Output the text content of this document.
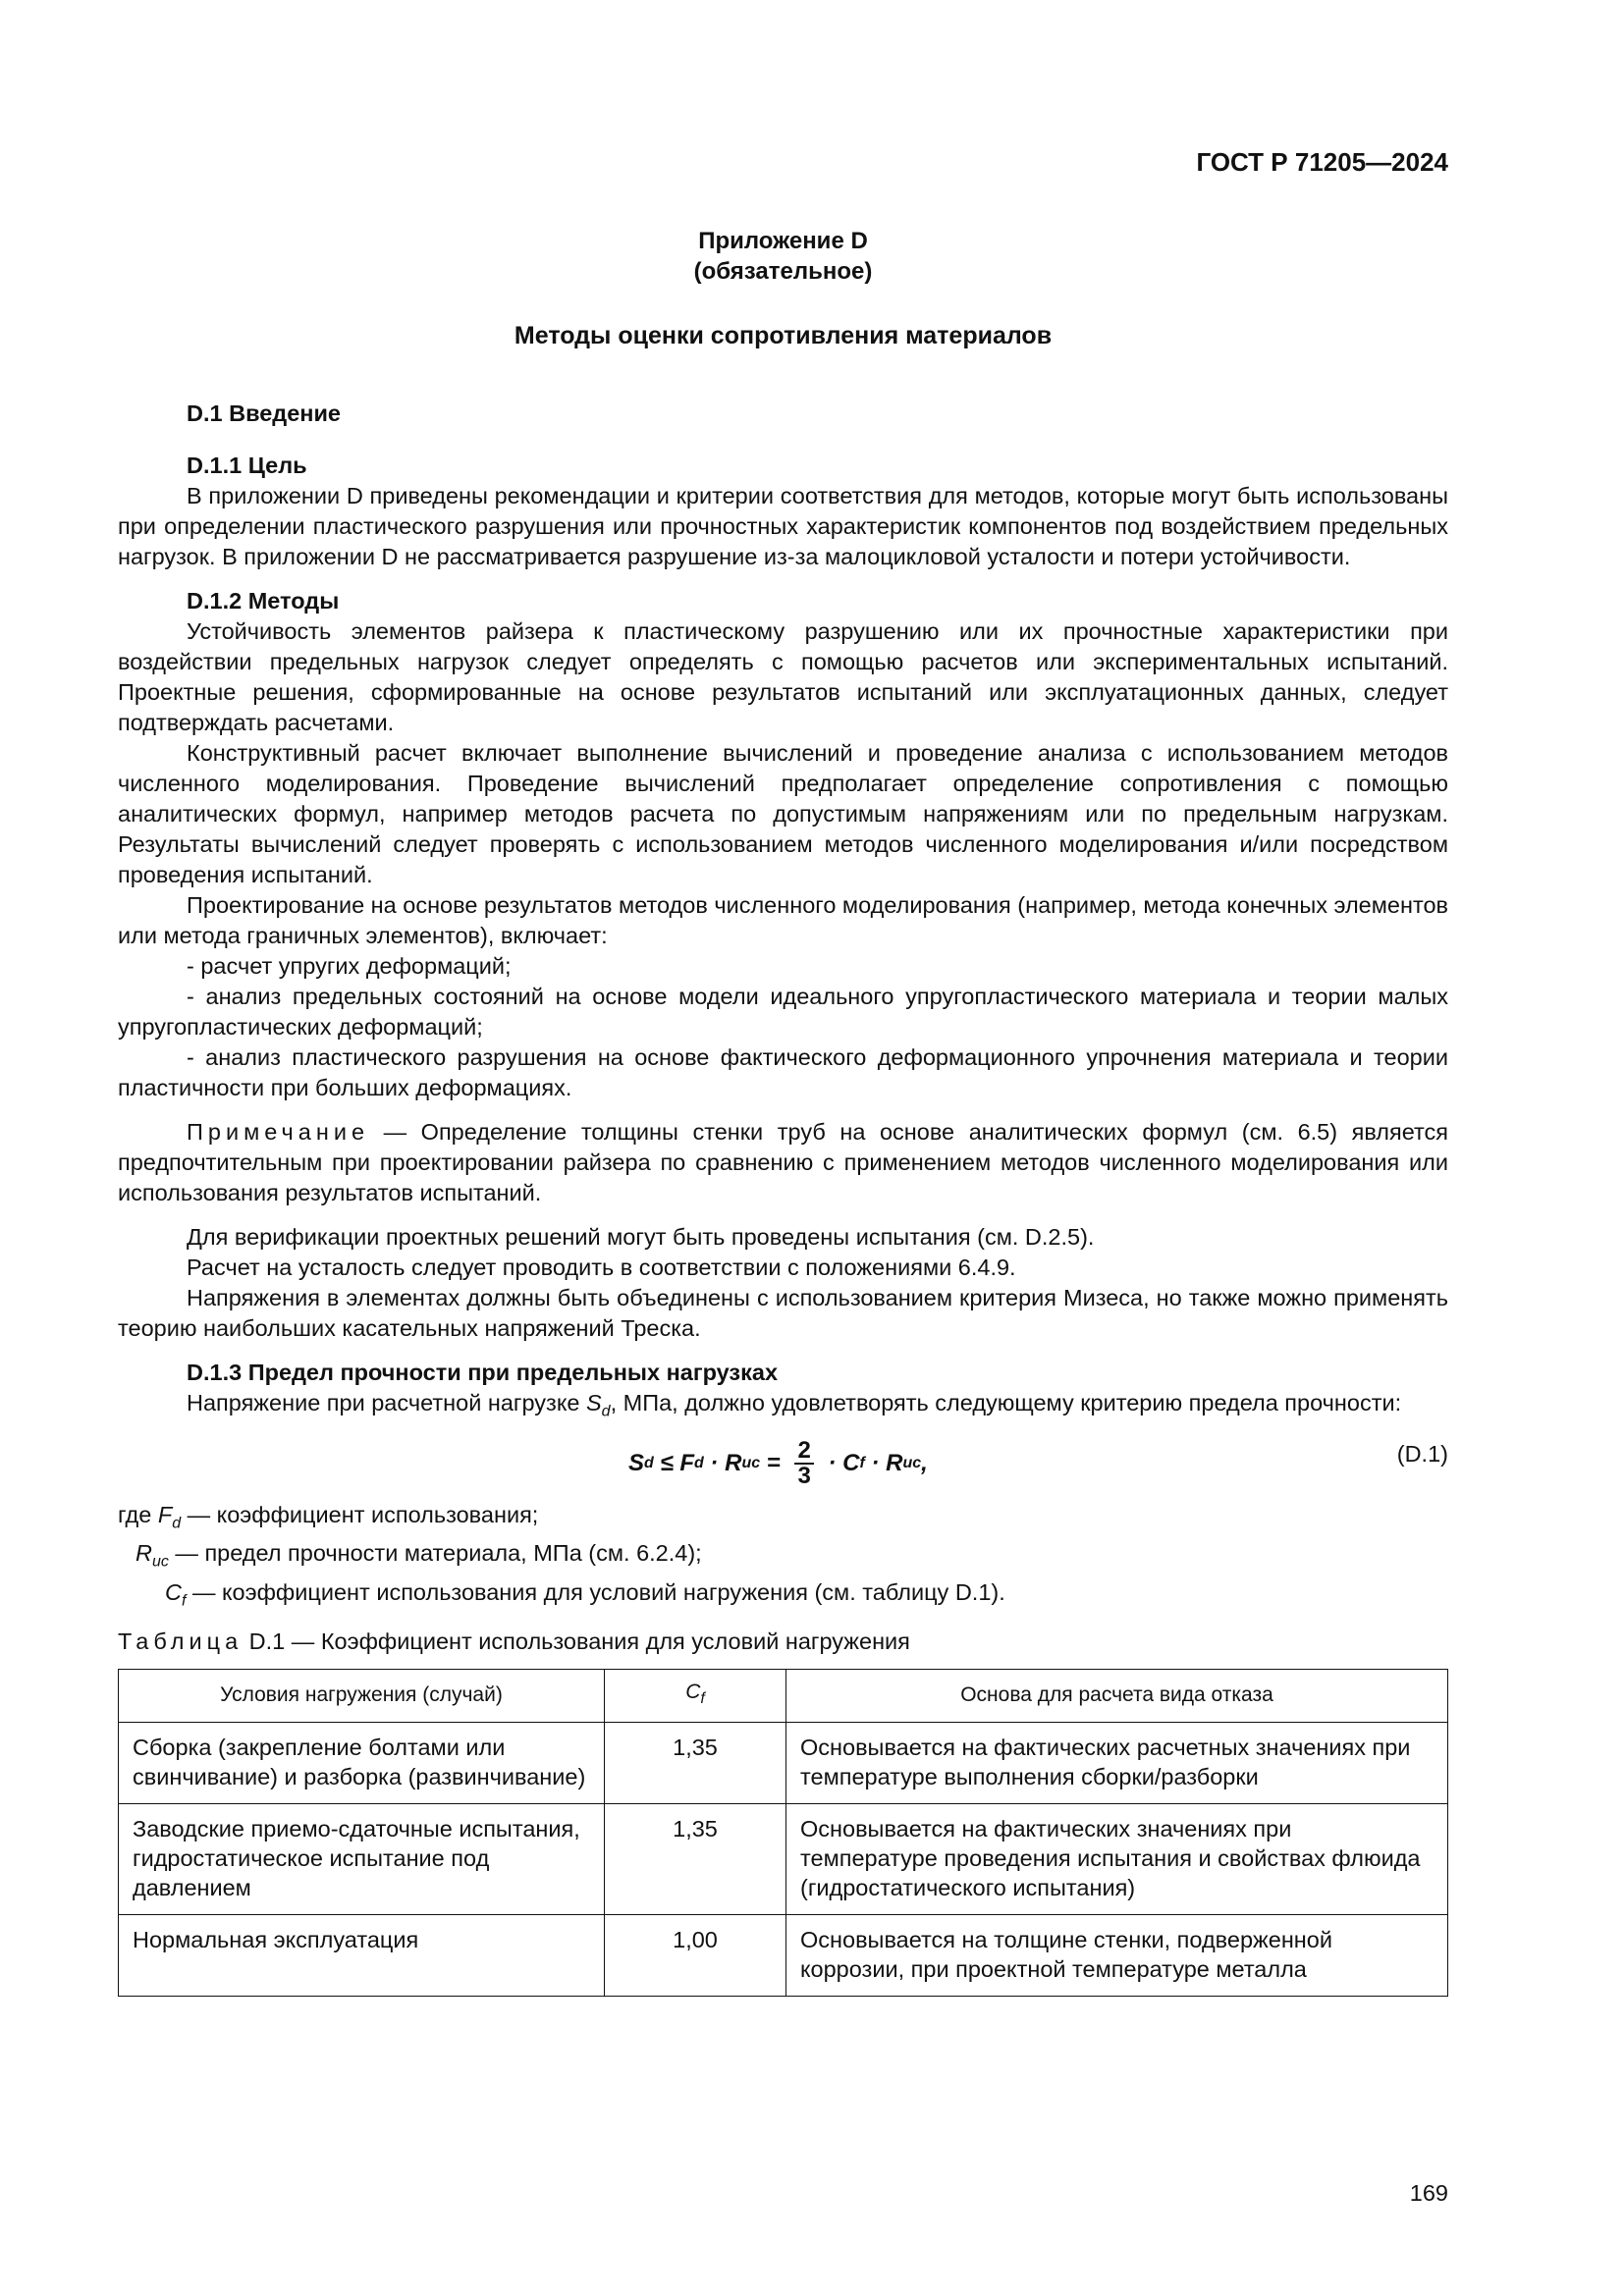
ГОСТ Р 71205—2024
Приложение D
(обязательное)
Методы оценки сопротивления материалов
D.1 Введение
D.1.1 Цель

В приложении D приведены рекомендации и критерии соответствия для методов, которые могут быть использованы при определении пластического разрушения или прочностных характеристик компонентов под воздействием предельных нагрузок. В приложении D не рассматривается разрушение из-за малоцикловой усталости и потери устойчивости.

D.1.2 Методы

Устойчивость элементов райзера к пластическому разрушению или их прочностные характеристики при воздействии предельных нагрузок следует определять с помощью расчетов или экспериментальных испытаний. Проектные решения, сформированные на основе результатов испытаний или эксплуатационных данных, следует подтверждать расчетами.

Конструктивный расчет включает выполнение вычислений и проведение анализа с использованием методов численного моделирования. Проведение вычислений предполагает определение сопротивления с помощью аналитических формул, например методов расчета по допустимым напряжениям или по предельным нагрузкам. Результаты вычислений следует проверять с использованием методов численного моделирования и/или посредством проведения испытаний.

Проектирование на основе результатов методов численного моделирования (например, метода конечных элементов или метода граничных элементов), включает:

- расчет упругих деформаций;

- анализ предельных состояний на основе модели идеального упругопластического материала и теории малых упругопластических деформаций;

- анализ пластического разрушения на основе фактического деформационного упрочнения материала и теории пластичности при больших деформациях.

Примечание — Определение толщины стенки труб на основе аналитических формул (см. 6.5) является предпочтительным при проектировании райзера по сравнению с применением методов численного моделирования или использования результатов испытаний.

Для верификации проектных решений могут быть проведены испытания (см. D.2.5).

Расчет на усталость следует проводить в соответствии с положениями 6.4.9.

Напряжения в элементах должны быть объединены с использованием критерия Мизеса, но также можно применять теорию наибольших касательных напряжений Треска.

D.1.3 Предел прочности при предельных нагрузках

Напряжение при расчетной нагрузке $S_d$, МПа, должно удовлетворять следующему критерию предела прочности:

S d ≤ F d · R uc = $\frac{2}{3} \cdot C$ f · R uc ,	(D.1)
где $F_d$ — коэффициент использования;
$R_{uc}$ — предел прочности материала, МПа (см. 6.2.4);
$C_f$ — коэффициент использования для условий нагружения (см. таблицу D.1).
Таблица D.1 — Коэффициент использования для условий нагружения
Условия нагружения (случай)	$C_f$	Основа для расчета вида отказа
Сборка (закрепление болтами или свинчивание) и разборка (развинчивание)	1,35	Основывается на фактических расчетных значениях при температуре выполнения сборки/разборки
Заводские приемо-сдаточные испытания, гидростатическое испытание под давлением	1,35	Основывается на фактических значениях при температуре проведения испытания и свойствах флюида (гидростатического испытания)
Нормальная эксплуатация	1,00	Основывается на толщине стенки, подверженной коррозии, при проектной температуре металла
169
